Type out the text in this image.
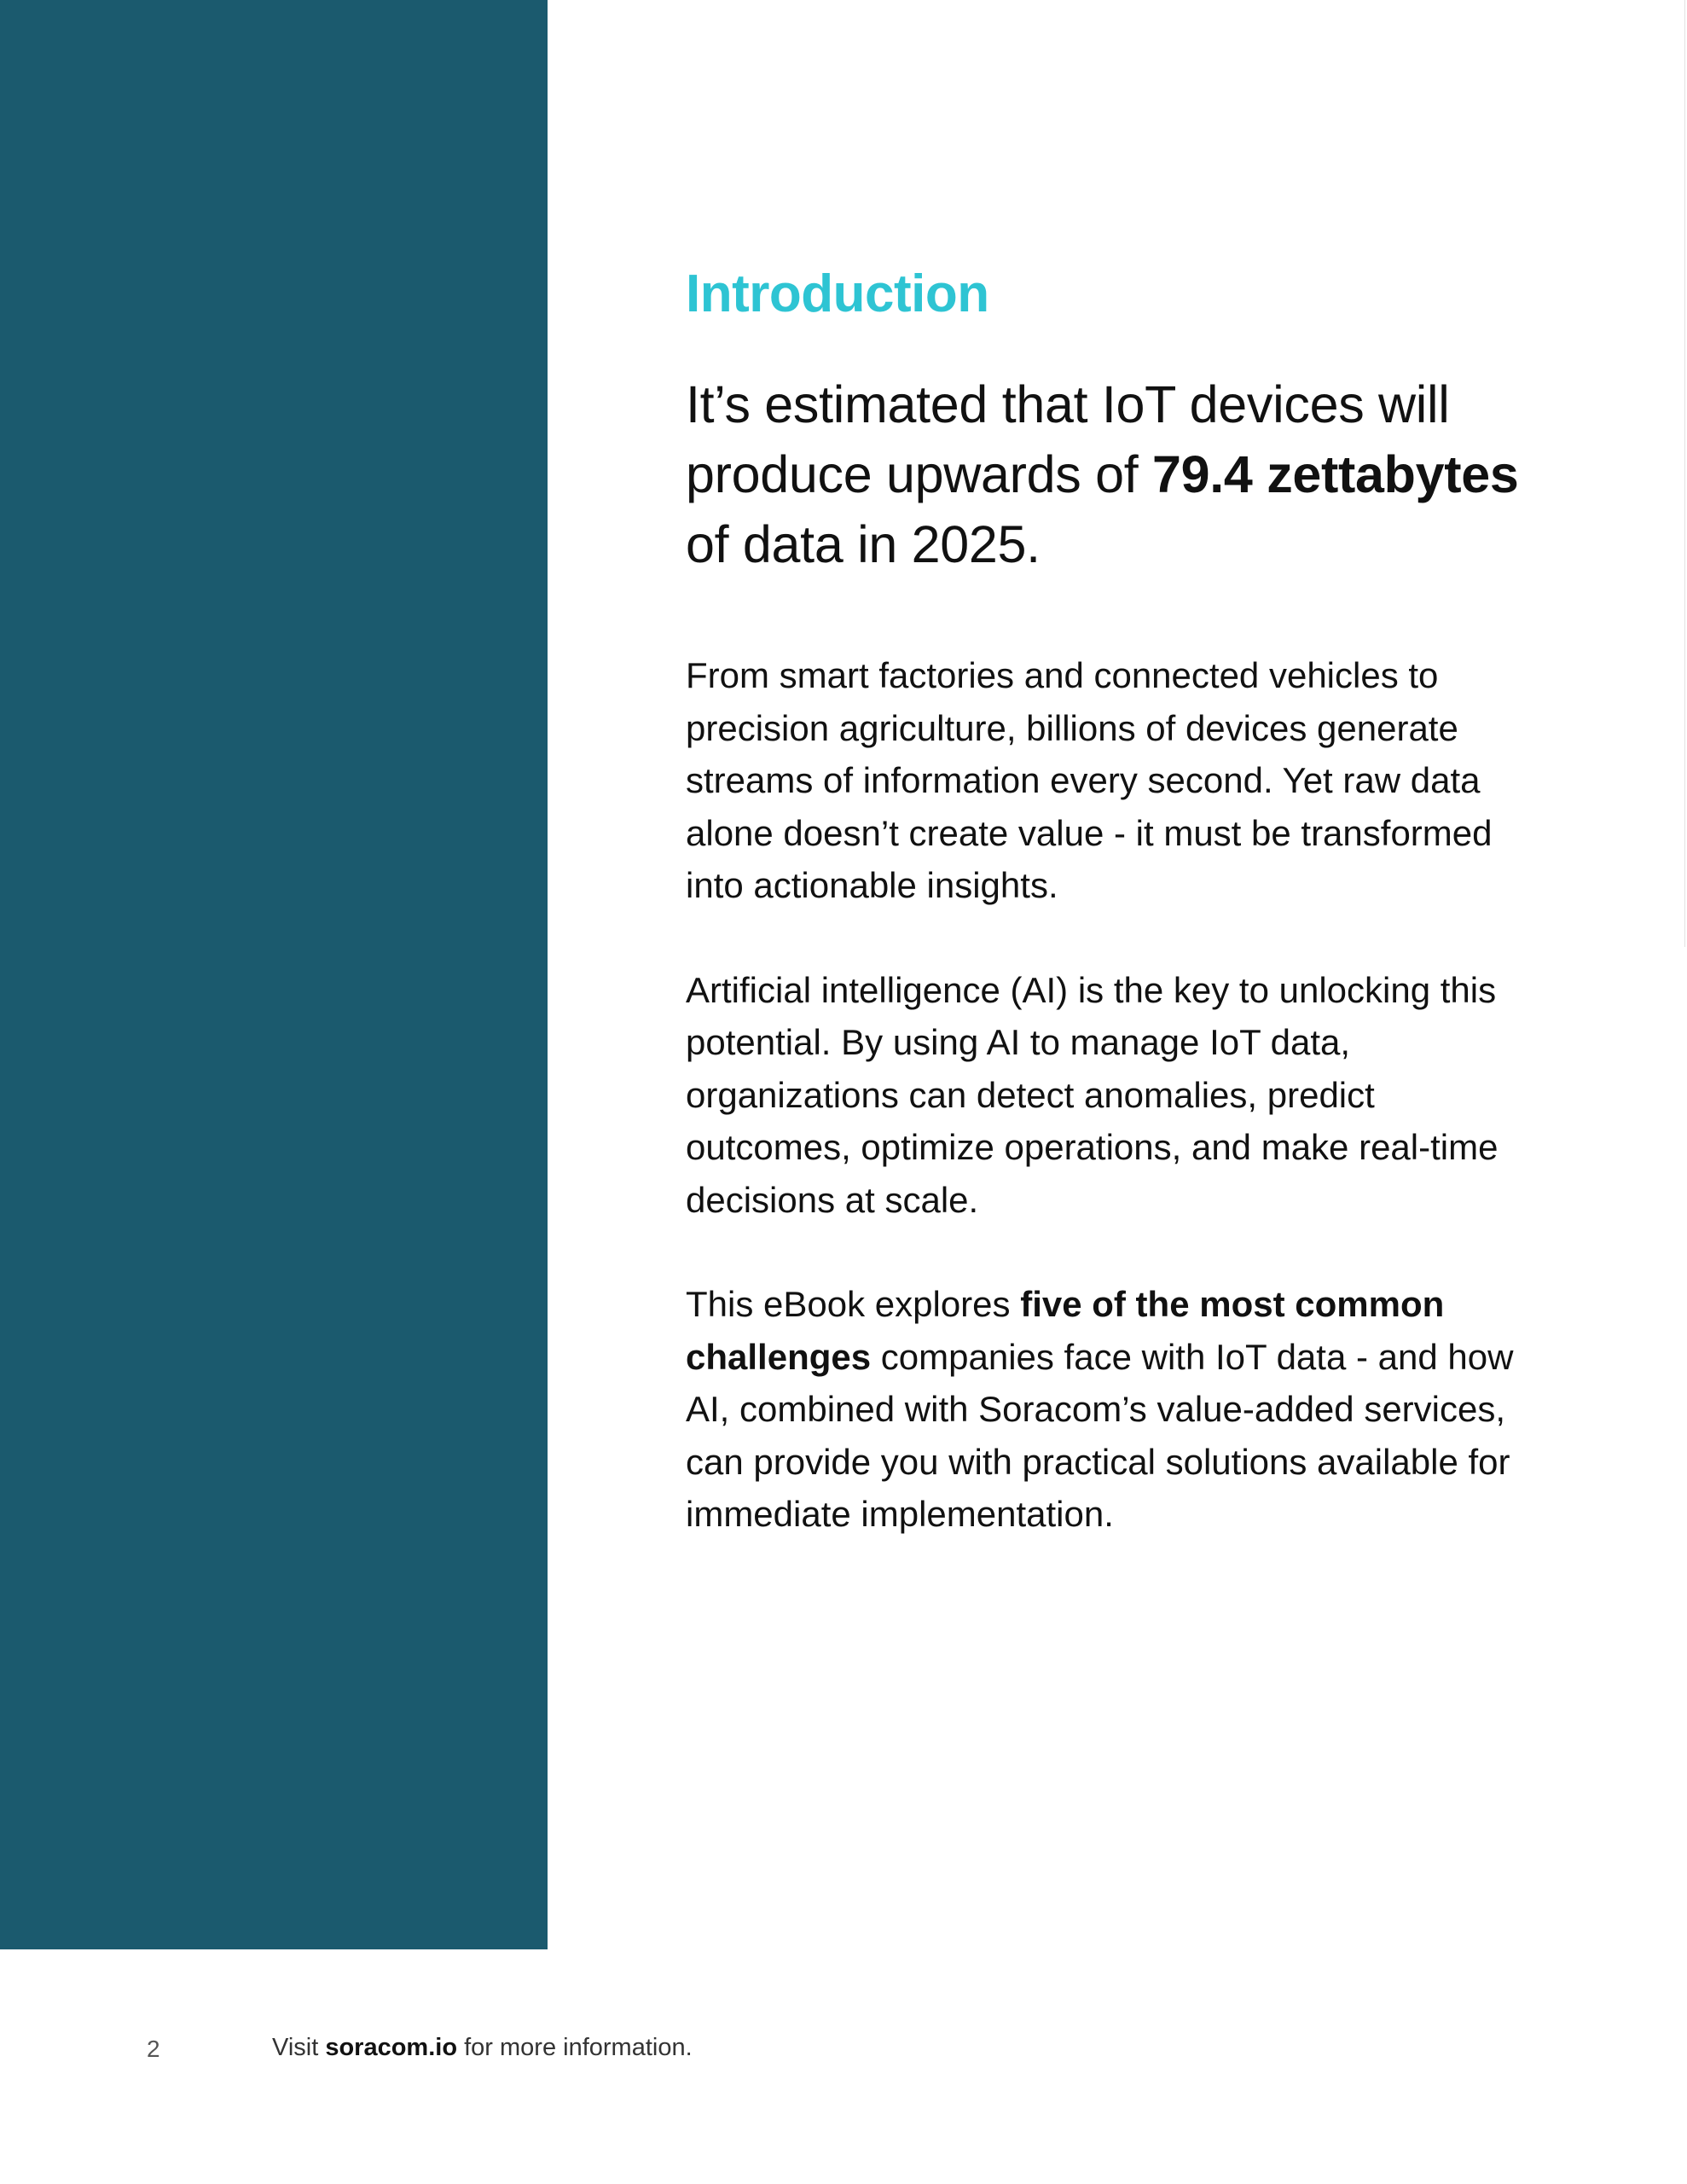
Introduction

It’s estimated that IoT devices will produce upwards of 79.4 zettabytes of data in 2025.

From smart factories and connected vehicles to precision agriculture, billions of devices generate streams of information every second. Yet raw data alone doesn’t create value - it must be transformed into actionable insights.

Artificial intelligence (AI) is the key to unlocking this potential. By using AI to manage IoT data, organizations can detect anomalies, predict outcomes, optimize operations, and make real-time decisions at scale.

This eBook explores five of the most common challenges companies face with IoT data - and how AI, combined with Soracom’s value-added services, can provide you with practical solutions available for immediate implementation.

2	Visit soracom.io for more information.
